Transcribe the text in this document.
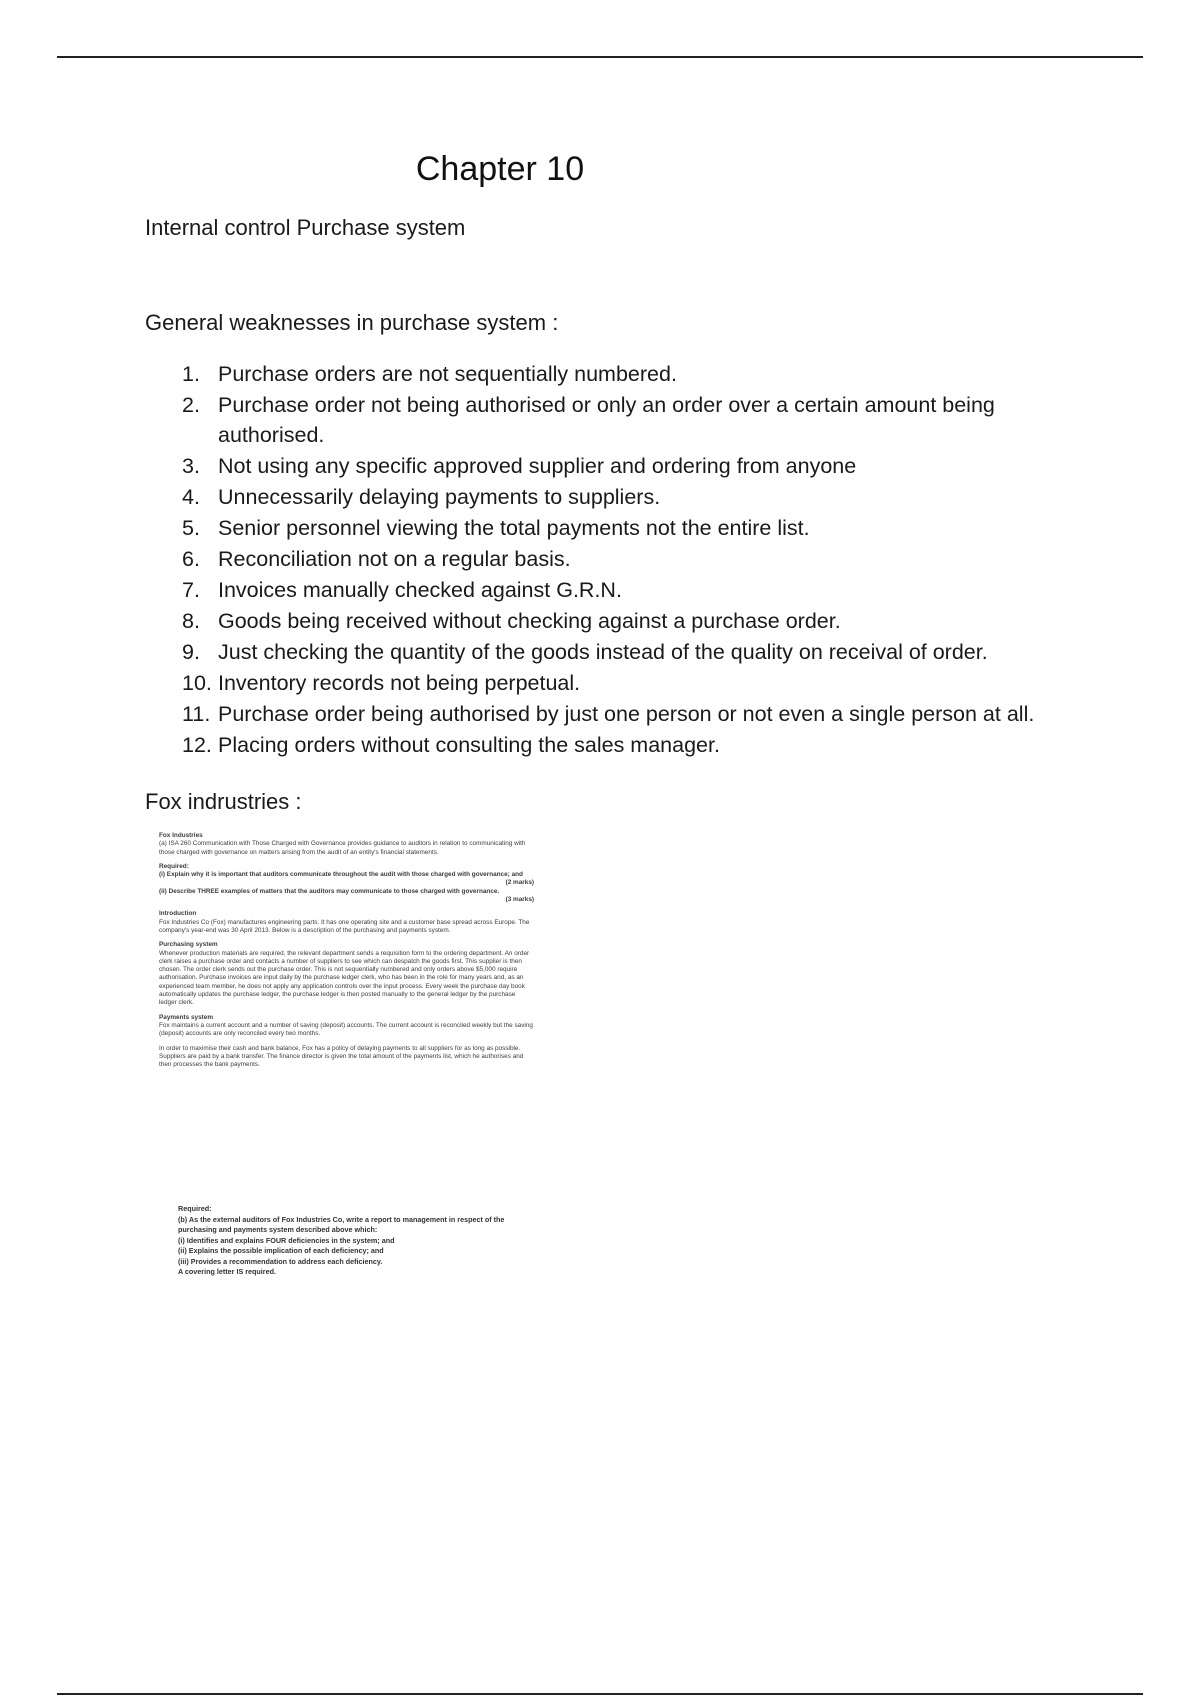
Chapter 10
Internal control Purchase system
General weaknesses in purchase system :
1. Purchase orders are not sequentially numbered.
2. Purchase order not being authorised or only an order over a certain amount being authorised.
3. Not using any specific approved supplier and ordering from anyone
4. Unnecessarily delaying payments to suppliers.
5. Senior personnel viewing the total payments not the entire list.
6. Reconciliation not on a regular basis.
7. Invoices manually checked against G.R.N.
8. Goods being received without checking against a purchase order.
9. Just checking the quantity of the goods instead of the quality on receival of order.
10. Inventory records not being perpetual.
11. Purchase order being authorised by just one person or not even a single person at all.
12. Placing orders without consulting the sales manager.
Fox indrustries :

Fox Industries

(a) ISA 260 Communication with Those Charged with Governance provides guidance to auditors in relation to communicating with those charged with governance on matters arising from the audit of an entity's financial statements.

Required:

(i) Explain why it is important that auditors communicate throughout the audit with those charged with governance; and

(2 marks)

(ii) Describe THREE examples of matters that the auditors may communicate to those charged with governance.

(3 marks)

Introduction

Fox Industries Co (Fox) manufactures engineering parts. It has one operating site and a customer base spread across Europe. The company's year-end was 30 April 2013. Below is a description of the purchasing and payments system.

Purchasing system

Whenever production materials are required, the relevant department sends a requisition form to the ordering department. An order clerk raises a purchase order and contacts a number of suppliers to see which can despatch the goods first. This supplier is then chosen. The order clerk sends out the purchase order. This is not sequentially numbered and only orders above $5,000 require authorisation. Purchase invoices are input daily by the purchase ledger clerk, who has been in the role for many years and, as an experienced team member, he does not apply any application controls over the input process. Every week the purchase day book automatically updates the purchase ledger, the purchase ledger is then posted manually to the general ledger by the purchase ledger clerk.

Payments system

Fox maintains a current account and a number of saving (deposit) accounts. The current account is reconciled weekly but the saving (deposit) accounts are only reconciled every two months.

In order to maximise their cash and bank balance, Fox has a policy of delaying payments to all suppliers for as long as possible. Suppliers are paid by a bank transfer. The finance director is given the total amount of the payments list, which he authorises and then processes the bank payments.

Required:

(b) As the external auditors of Fox Industries Co, write a report to management in respect of the

purchasing and payments system described above which:

(i) Identifies and explains FOUR deficiencies in the system; and

(ii) Explains the possible implication of each deficiency; and

(iii) Provides a recommendation to address each deficiency.

A covering letter IS required.
